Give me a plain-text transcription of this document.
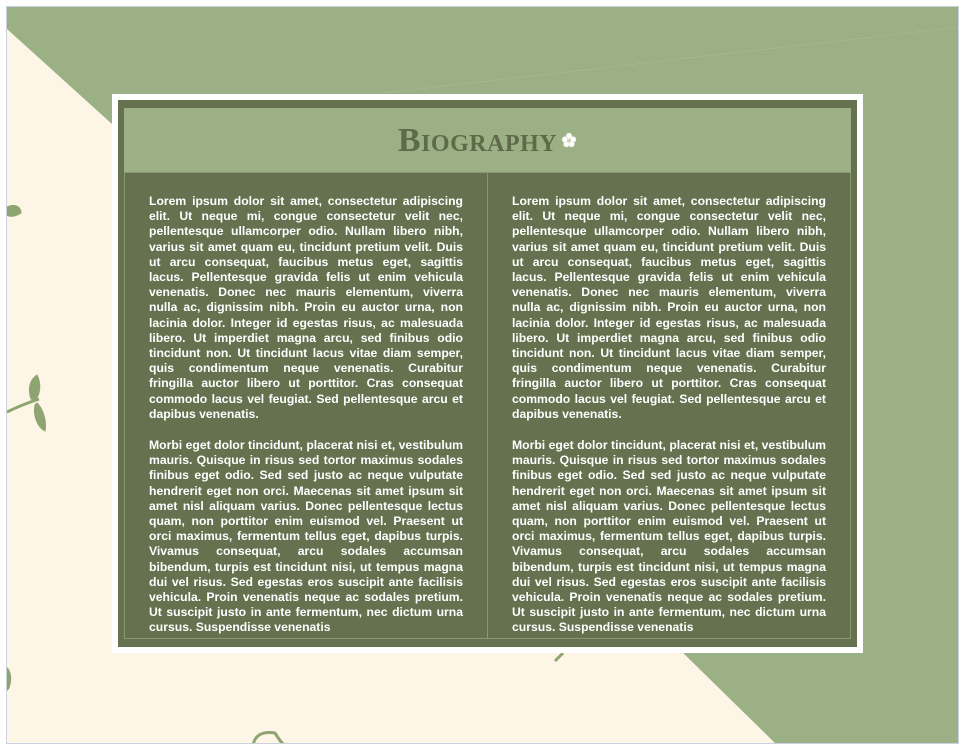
Biography

Lorem ipsum dolor sit amet, consectetur adipiscing elit. Ut neque mi, congue consectetur velit nec, pellentesque ullamcorper odio. Nullam libero nibh, varius sit amet quam eu, tincidunt pretium velit. Duis ut arcu consequat, faucibus metus eget, sagittis lacus. Pellentesque gravida felis ut enim vehicula venenatis. Donec nec mauris elementum, viverra nulla ac, dignissim nibh. Proin eu auctor urna, non lacinia dolor. Integer id egestas risus, ac malesuada libero. Ut imperdiet magna arcu, sed finibus odio tincidunt non. Ut tincidunt lacus vitae diam semper, quis condimentum neque venenatis. Curabitur fringilla auctor libero ut porttitor. Cras consequat commodo lacus vel feugiat. Sed pellentesque arcu et dapibus venenatis.

Morbi eget dolor tincidunt, placerat nisi et, vestibulum mauris. Quisque in risus sed tortor maximus sodales finibus eget odio. Sed sed justo ac neque vulputate hendrerit eget non orci. Maecenas sit amet ipsum sit amet nisl aliquam varius. Donec pellentesque lectus quam, non porttitor enim euismod vel. Praesent ut orci maximus, fermentum tellus eget, dapibus turpis. Vivamus consequat, arcu sodales accumsan bibendum, turpis est tincidunt nisi, ut tempus magna dui vel risus. Sed egestas eros suscipit ante facilisis vehicula. Proin venenatis neque ac sodales pretium. Ut suscipit justo in ante fermentum, nec dictum urna cursus. Suspendisse venenatis

Lorem ipsum dolor sit amet, consectetur adipiscing elit. Ut neque mi, congue consectetur velit nec, pellentesque ullamcorper odio. Nullam libero nibh, varius sit amet quam eu, tincidunt pretium velit. Duis ut arcu consequat, faucibus metus eget, sagittis lacus. Pellentesque gravida felis ut enim vehicula venenatis. Donec nec mauris elementum, viverra nulla ac, dignissim nibh. Proin eu auctor urna, non lacinia dolor. Integer id egestas risus, ac malesuada libero. Ut imperdiet magna arcu, sed finibus odio tincidunt non. Ut tincidunt lacus vitae diam semper, quis condimentum neque venenatis. Curabitur fringilla auctor libero ut porttitor. Cras consequat commodo lacus vel feugiat. Sed pellentesque arcu et dapibus venenatis.

Morbi eget dolor tincidunt, placerat nisi et, vestibulum mauris. Quisque in risus sed tortor maximus sodales finibus eget odio. Sed sed justo ac neque vulputate hendrerit eget non orci. Maecenas sit amet ipsum sit amet nisl aliquam varius. Donec pellentesque lectus quam, non porttitor enim euismod vel. Praesent ut orci maximus, fermentum tellus eget, dapibus turpis. Vivamus consequat, arcu sodales accumsan bibendum, turpis est tincidunt nisi, ut tempus magna dui vel risus. Sed egestas eros suscipit ante facilisis vehicula. Proin venenatis neque ac sodales pretium. Ut suscipit justo in ante fermentum, nec dictum urna cursus. Suspendisse venenatis
